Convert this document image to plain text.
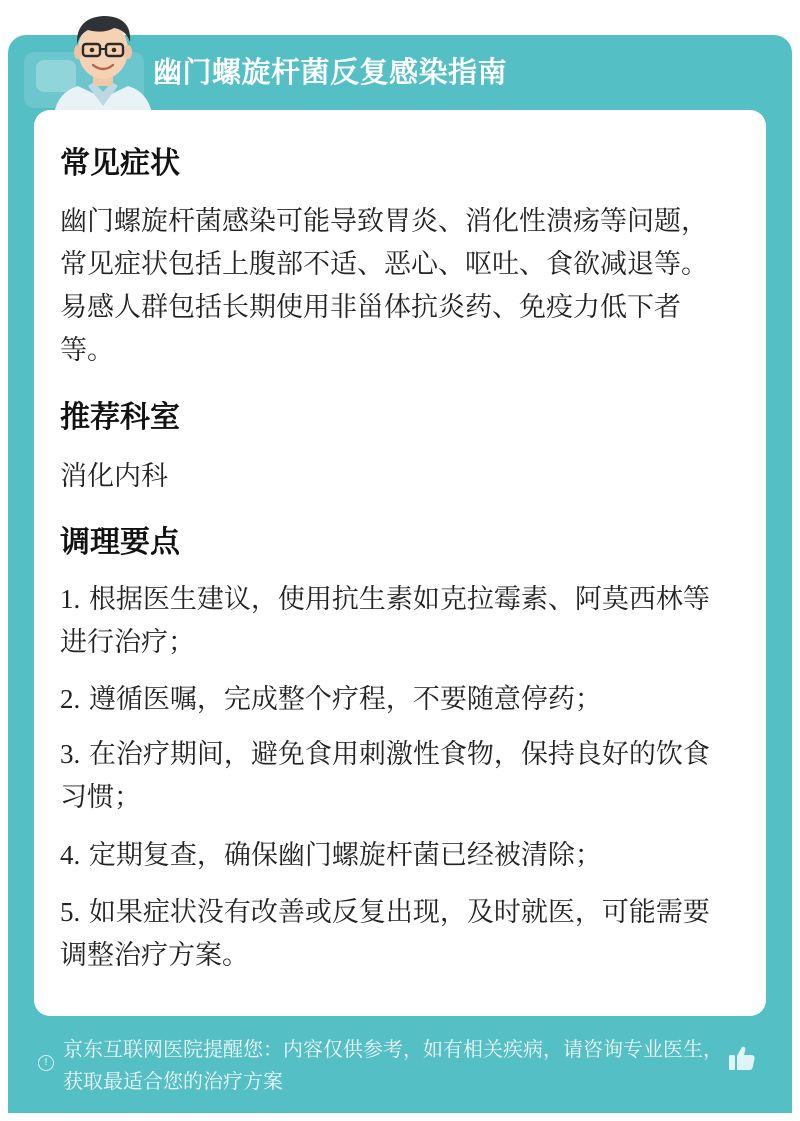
幽门螺旋杆菌反复感染指南
常见症状
幽门螺旋杆菌感染可能导致胃炎、消化性溃疡等问题，常见症状包括上腹部不适、恶心、呕吐、食欲减退等。易感人群包括长期使用非甾体抗炎药、免疫力低下者等。
推荐科室
消化内科
调理要点
1. 根据医生建议，使用抗生素如克拉霉素、阿莫西林等进行治疗；
2. 遵循医嘱，完成整个疗程，不要随意停药；
3. 在治疗期间，避免食用刺激性食物，保持良好的饮食习惯；
4. 定期复查，确保幽门螺旋杆菌已经被清除；
5. 如果症状没有改善或反复出现，及时就医，可能需要调整治疗方案。
!
京东互联网医院提醒您：内容仅供参考，如有相关疾病，请咨询专业医生，获取最适合您的治疗方案
